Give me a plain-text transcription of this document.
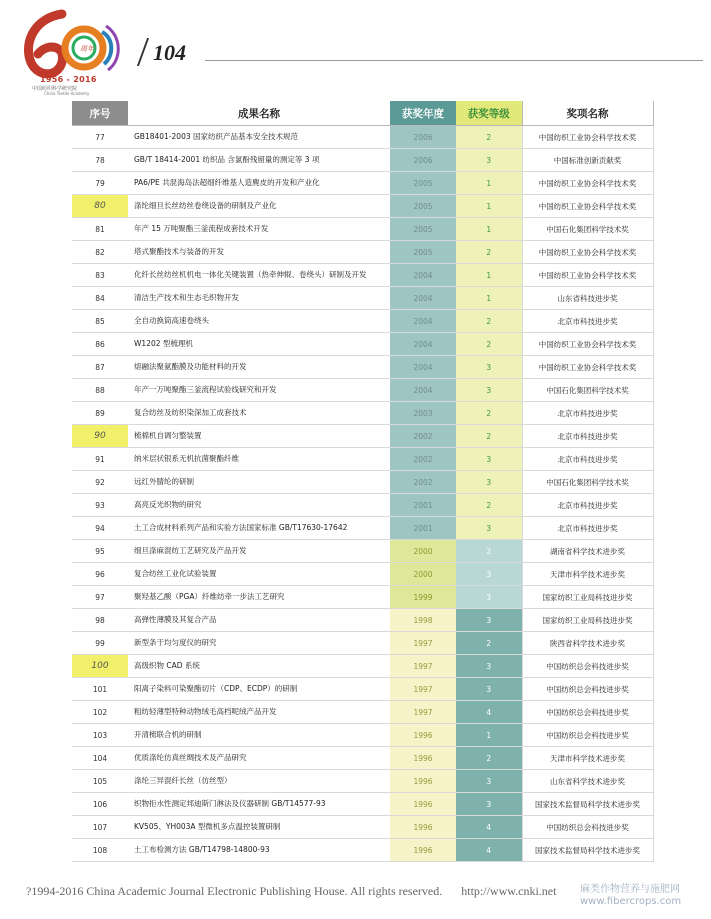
周年
1956 - 2016
中国纺织科学研究院
China Textile Academy
104
序号	成果名称	获奖年度	获奖等级	奖项名称
77	GB18401-2003 国家纺织产品基本安全技术规范	2006	2	中国纺织工业协会科学技术奖
78	GB/T 18414-2001 纺织品 含氯酚残留量的测定等 3 项	2006	3	中国标准创新贡献奖
79	PA6/PE 共混海岛法超细纤维基人造麂皮的开发和产业化	2005	1	中国纺织工业协会科学技术奖
80	涤纶细旦长丝纺丝卷绕设备的研制及产业化	2005	1	中国纺织工业协会科学技术奖
81	年产 15 万吨聚酯三釜流程成套技术开发	2005	1	中国石化集团科学技术奖
82	塔式聚酯技术与装备的开发	2005	2	中国纺织工业协会科学技术奖
83	化纤长丝纺丝机机电一体化关键装置（热牵伸辊、卷绕头）研制及开发	2004	1	中国纺织工业协会科学技术奖
84	清洁生产技术和生态毛织物开发	2004	1	山东省科技进步奖
85	全自动换筒高速卷绕头	2004	2	北京市科技进步奖
86	W1202 型梳理机	2004	2	中国纺织工业协会科学技术奖
87	熔融法聚氨酯膜及功能材料的开发	2004	3	中国纺织工业协会科学技术奖
88	年产一万吨聚酯三釜流程试验线研究和开发	2004	3	中国石化集团科学技术奖
89	复合纺丝及纺织染深加工成套技术	2003	2	北京市科技进步奖
90	梳棉机自调匀整装置	2002	2	北京市科技进步奖
91	纳米层状银系无机抗菌聚酯纤维	2002	3	北京市科技进步奖
92	远红外腈纶的研制	2002	3	中国石化集团科学技术奖
93	高亮反光织物的研究	2001	2	北京市科技进步奖
94	土工合成材料系列产品和实验方法国家标准 GB/T17630-17642	2001	3	北京市科技进步奖
95	细旦涤麻混纺工艺研究及产品开发	2000	2	湖南省科学技术进步奖
96	复合纺丝工业化试验装置	2000	3	天津市科学技术进步奖
97	聚羟基乙酸（PGA）纤维纺牵一步法工艺研究	1999	3	国家纺织工业局科技进步奖
98	高弹性薄膜及其复合产品	1998	3	国家纺织工业局科技进步奖
99	新型条干均匀度仪的研究	1997	2	陕西省科学技术进步奖
100	高级织物 CAD 系统	1997	3	中国纺织总会科技进步奖
101	阳离子染料可染聚酯切片（CDP、ECDP）的研制	1997	3	中国纺织总会科技进步奖
102	粗纺轻薄型特种动物绒毛高档呢绒产品开发	1997	4	中国纺织总会科技进步奖
103	开清梳联合机的研制	1996	1	中国纺织总会科技进步奖
104	优质涤纶仿真丝绸技术及产品研究	1996	2	天津市科学技术进步奖
105	涤纶三异混纤长丝（仿丝型）	1996	3	山东省科学技术进步奖
106	织物拒水性测定邦迪斯门淋法及仪器研制 GB/T14577-93	1996	3	国家技术监督局科学技术进步奖
107	KV505、YH003A 型微机多点温控装置研制	1996	4	中国纺织总会科技进步奖
108	土工布检测方法 GB/T14798-14800-93	1996	4	国家技术监督局科学技术进步奖
?1994-2016 China Academic Journal Electronic Publishing House. All rights reserved. http://www.cnki.net 麻类作物营养与施肥网
www.fibercrops.com
